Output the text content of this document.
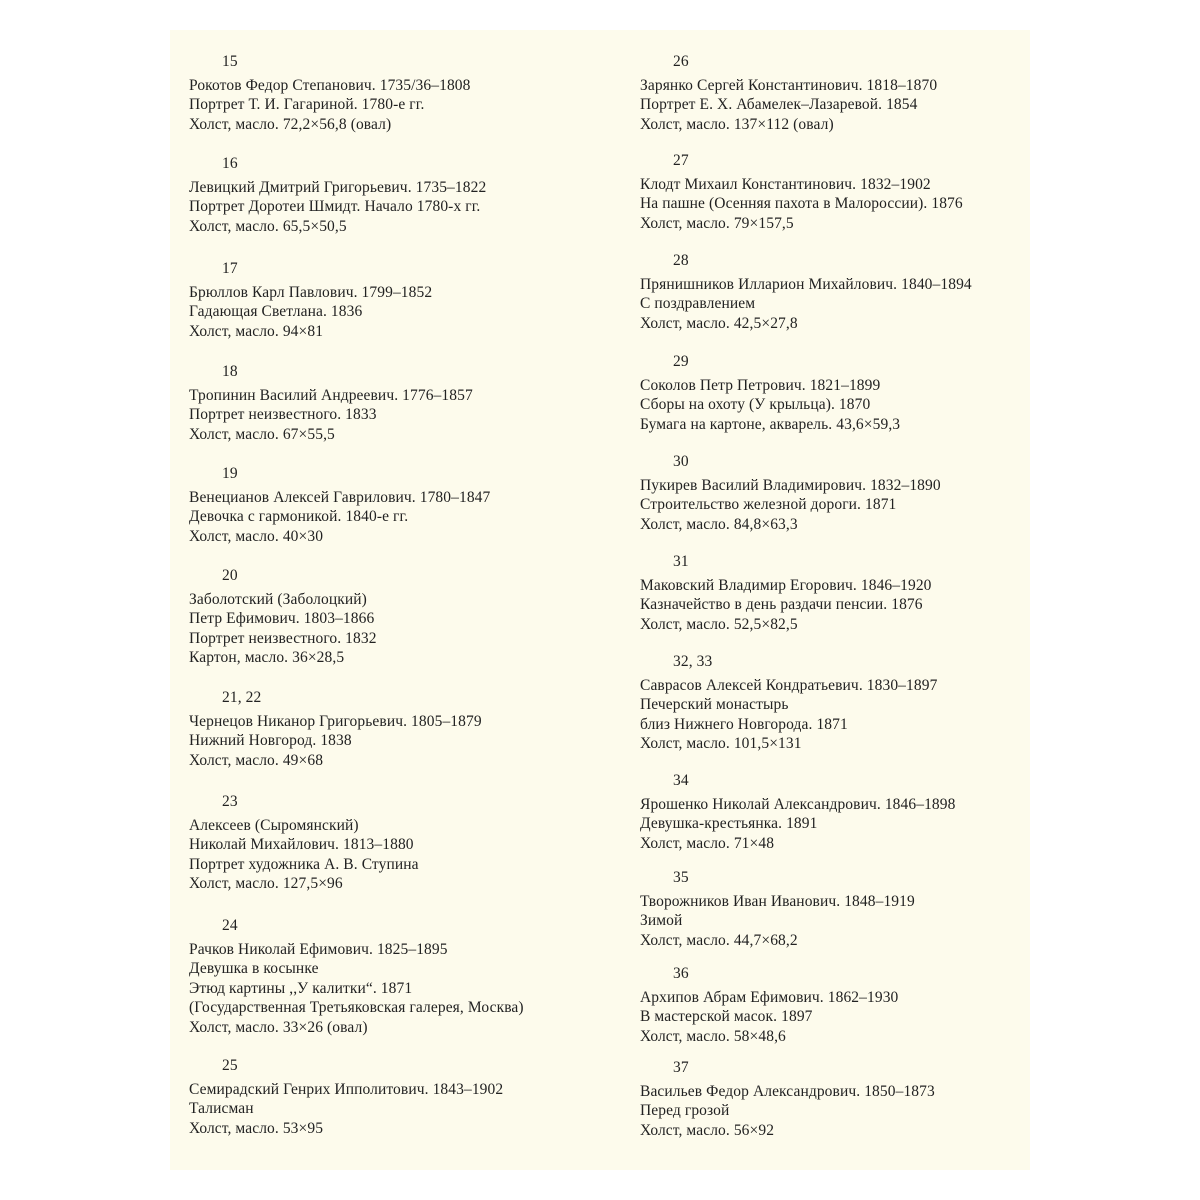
15
Рокотов Федор Степанович. 1735/36–1808
Портрет Т. И. Гагариной. 1780-е гг.
Холст, масло. 72,2×56,8 (овал)
16
Левицкий Дмитрий Григорьевич. 1735–1822
Портрет Доротеи Шмидт. Начало 1780-х гг.
Холст, масло. 65,5×50,5
17
Брюллов Карл Павлович. 1799–1852
Гадающая Светлана. 1836
Холст, масло. 94×81
18
Тропинин Василий Андреевич. 1776–1857
Портрет неизвестного. 1833
Холст, масло. 67×55,5
19
Венецианов Алексей Гаврилович. 1780–1847
Девочка с гармоникой. 1840-е гг.
Холст, масло. 40×30
20
Заболотский (Заболоцкий)
Петр Ефимович. 1803–1866
Портрет неизвестного. 1832
Картон, масло. 36×28,5
21, 22
Чернецов Никанор Григорьевич. 1805–1879
Нижний Новгород. 1838
Холст, масло. 49×68
23
Алексеев (Сыромянский)
Николай Михайлович. 1813–1880
Портрет художника А. В. Ступина
Холст, масло. 127,5×96
24
Рачков Николай Ефимович. 1825–1895
Девушка в косынке
Этюд картины ,,У калитки“. 1871
(Государственная Третьяковская галерея, Москва)
Холст, масло. 33×26 (овал)
25
Семирадский Генрих Ипполитович. 1843–1902
Талисман
Холст, масло. 53×95
26
Зарянко Сергей Константинович. 1818–1870
Портрет Е. Х. Абамелек–Лазаревой. 1854
Холст, масло. 137×112 (овал)
27
Клодт Михаил Константинович. 1832–1902
На пашне (Осенняя пахота в Малороссии). 1876
Холст, масло. 79×157,5
28
Прянишников Илларион Михайлович. 1840–1894
С поздравлением
Холст, масло. 42,5×27,8
29
Соколов Петр Петрович. 1821–1899
Сборы на охоту (У крыльца). 1870
Бумага на картоне, акварель. 43,6×59,3
30
Пукирев Василий Владимирович. 1832–1890
Строительство железной дороги. 1871
Холст, масло. 84,8×63,3
31
Маковский Владимир Егорович. 1846–1920
Казначейство в день раздачи пенсии. 1876
Холст, масло. 52,5×82,5
32, 33
Саврасов Алексей Кондратьевич. 1830–1897
Печерский монастырь
близ Нижнего Новгорода. 1871
Холст, масло. 101,5×131
34
Ярошенко Николай Александрович. 1846–1898
Девушка-крестьянка. 1891
Холст, масло. 71×48
35
Творожников Иван Иванович. 1848–1919
Зимой
Холст, масло. 44,7×68,2
36
Архипов Абрам Ефимович. 1862–1930
В мастерской масок. 1897
Холст, масло. 58×48,6
37
Васильев Федор Александрович. 1850–1873
Перед грозой
Холст, масло. 56×92
